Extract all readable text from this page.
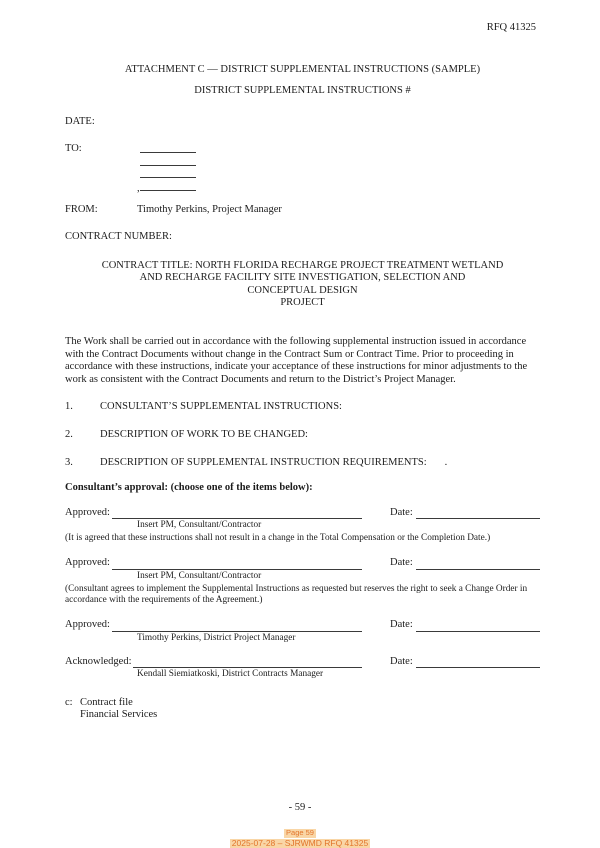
RFQ 41325
ATTACHMENT C — DISTRICT SUPPLEMENTAL INSTRUCTIONS (SAMPLE)
DISTRICT SUPPLEMENTAL INSTRUCTIONS #
DATE:
TO:
,
FROM:	Timothy Perkins, Project Manager
CONTRACT NUMBER:
CONTRACT TITLE: NORTH FLORIDA RECHARGE PROJECT TREATMENT WETLAND
AND RECHARGE FACILITY SITE INVESTIGATION, SELECTION AND
CONCEPTUAL DESIGN
PROJECT
The Work shall be carried out in accordance with the following supplemental instruction issued in accordance with the Contract Documents without change in the Contract Sum or Contract Time. Prior to proceeding in accordance with these instructions, indicate your acceptance of these instructions for minor adjustments to the work as consistent with the Contract Documents and return to the District’s Project Manager.
1.	CONSULTANT’S SUPPLEMENTAL INSTRUCTIONS:
2.	DESCRIPTION OF WORK TO BE CHANGED:
3.	DESCRIPTION OF SUPPLEMENTAL INSTRUCTION REQUIREMENTS: .
Consultant’s approval: (choose one of the items below):
Approved:	Date:
Insert PM, Consultant/Contractor
(It is agreed that these instructions shall not result in a change in the Total Compensation or the Completion Date.)
Approved:	Date:
Insert PM, Consultant/Contractor
(Consultant agrees to implement the Supplemental Instructions as requested but reserves the right to seek a Change Order in accordance with the requirements of the Agreement.)
Approved:	Date:
Timothy Perkins, District Project Manager
Acknowledged:	Date:
Kendall Siemiatkoski, District Contracts Manager
c: Contract file
Financial Services
- 59 -
Page 59
2025-07-28 – SJRWMD RFQ 41325
